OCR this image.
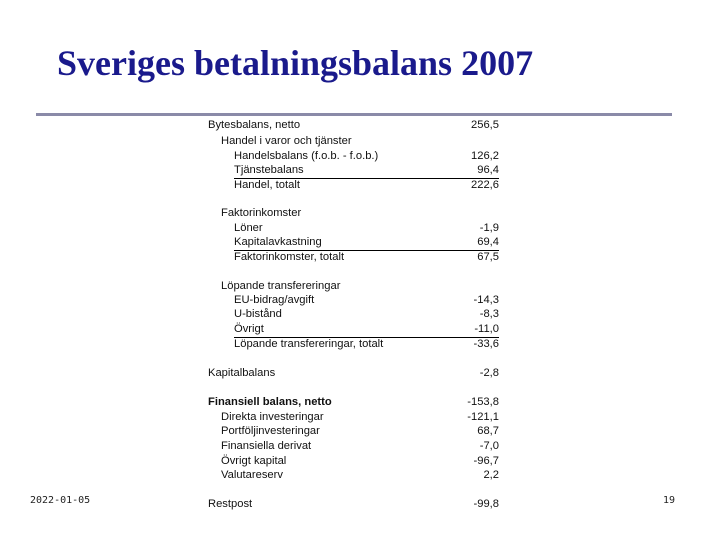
Sveriges betalningsbalans 2007
Bytesbalans, netto	256,5
Handel i varor och tjänster
Handelsbalans (f.o.b. - f.o.b.)	126,2
Tjänstebalans	96,4
Handel, totalt	222,6
Faktorinkomster
Löner	-1,9
Kapitalavkastning	69,4
Faktorinkomster, totalt	67,5
Löpande transfereringar
EU-bidrag/avgift	-14,3
U-bistånd	-8,3
Övrigt	-11,0
Löpande transfereringar, totalt	-33,6
Kapitalbalans	-2,8
Finansiell balans, netto	-153,8
Direkta investeringar	-121,1
Portföljinvesteringar	68,7
Finansiella derivat	-7,0
Övrigt kapital	-96,7
Valutareserv	2,2
Restpost	-99,8
2022-01-05	19
